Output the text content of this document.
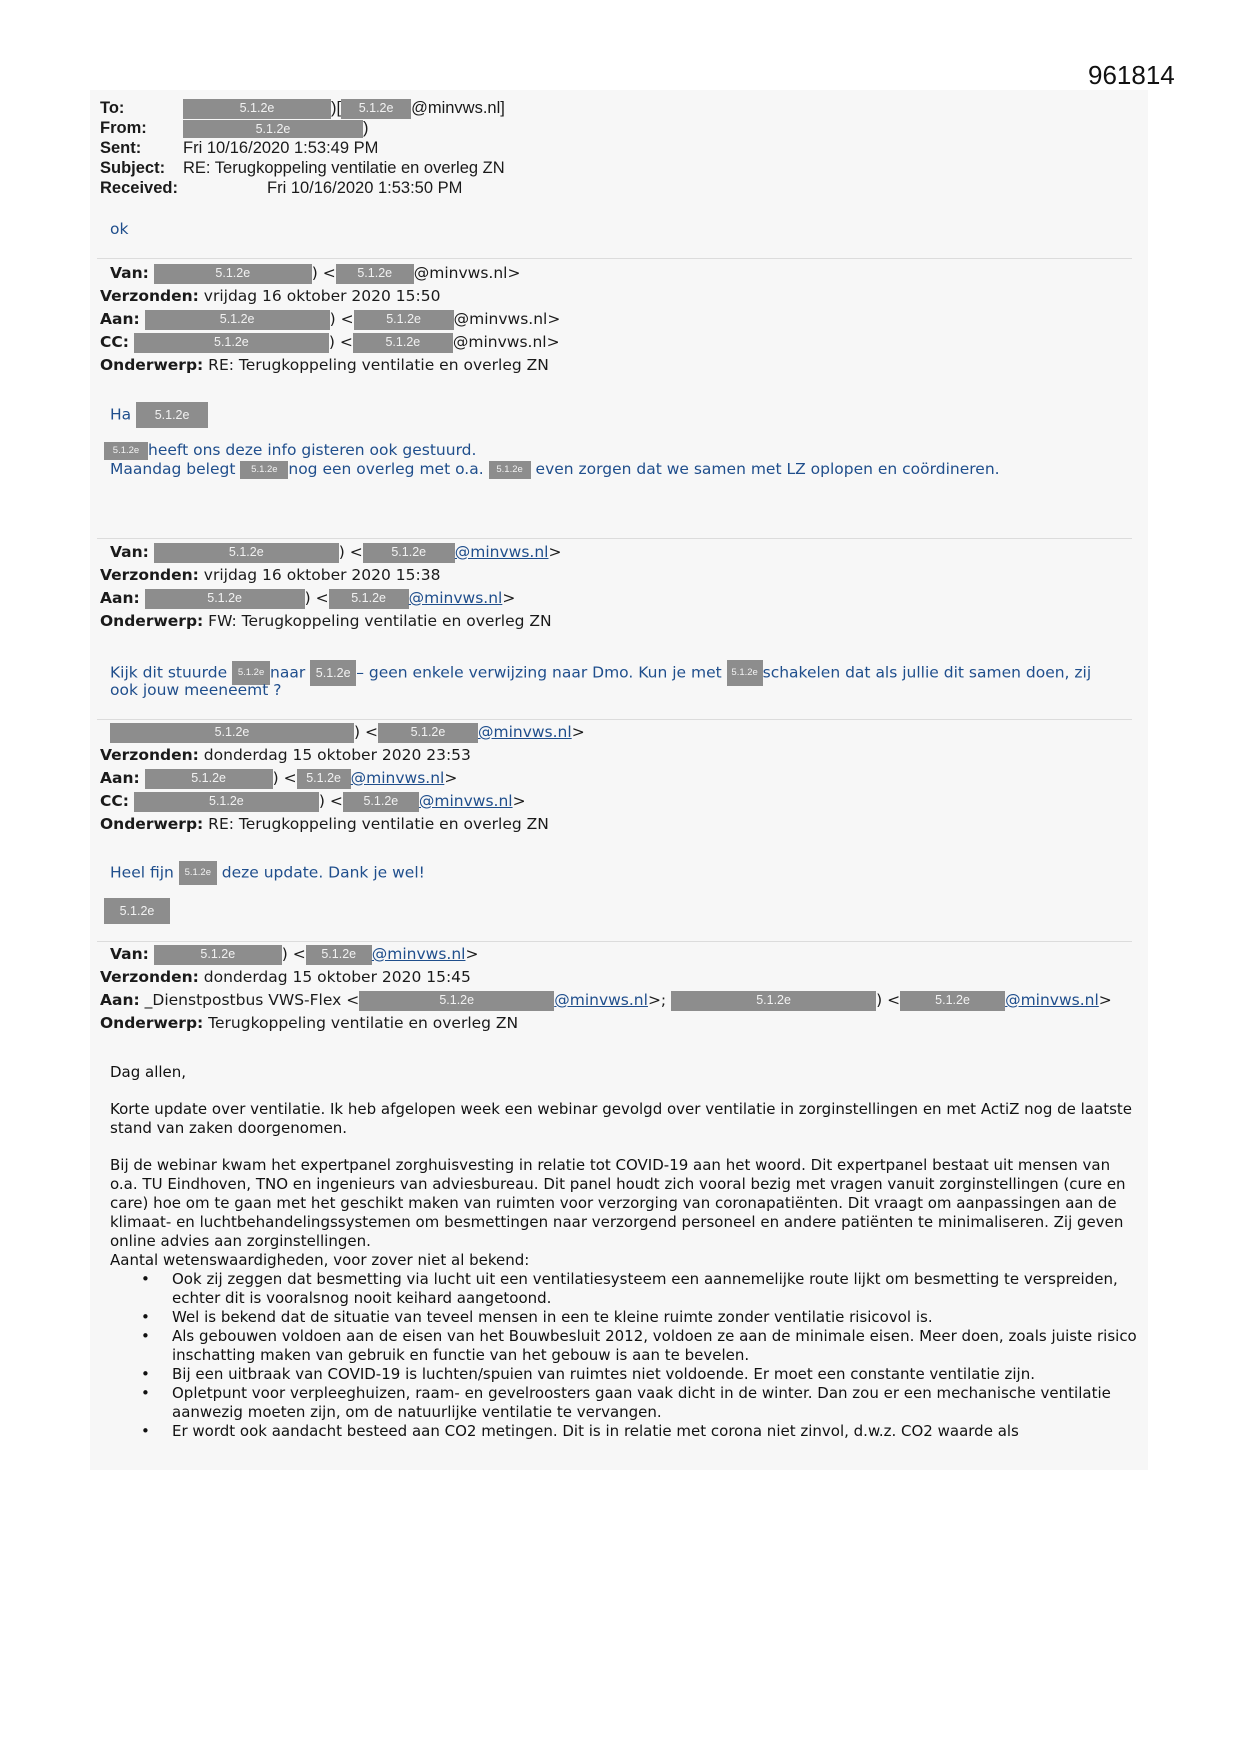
961814
To:	5.1.2e	)[ 5.1.2e @minvws.nl]
From:	5.1.2e	)
Sent:	Fri 10/16/2020 1:53:49 PM
Subject: RE: Terugkoppeling ventilatie en overleg ZN
Received:	Fri 10/16/2020 1:53:50 PM
ok
Van:	5.1.2e	) < 5.1.2e @minvws.nl>
Verzonden: vrijdag 16 oktober 2020 15:50
Aan:	5.1.2e	) <	5.1.2e @minvws.nl>
CC:	5.1.2e	) <	5.1.2e @minvws.nl>
Onderwerp: RE: Terugkoppeling ventilatie en overleg ZN
Ha 5.1.2e
5.1.2e heeft ons deze info gisteren ook gestuurd.
Maandag belegt 5.1.2e nog een overleg met o.a. 5.1.2e even zorgen dat we samen met LZ oplopen en coördineren.
Van:	5.1.2e	) < 5.1.2e @minvws.nl>
Verzonden: vrijdag 16 oktober 2020 15:38
Aan:	5.1.2e	) < 5.1.2e @minvws.nl>
Onderwerp: FW: Terugkoppeling ventilatie en overleg ZN
Kijk dit stuurde 5.1.2e naar 5.1.2e – geen enkele verwijzing naar Dmo. Kun je met 5.1.2e schakelen dat als jullie dit samen doen, zij
ook jouw meeneemt ?
5.1.2e	) <	5.1.2e @minvws.nl>
Verzonden: donderdag 15 oktober 2020 23:53
Aan:	5.1.2e	) < 5.1.2e @minvws.nl>
CC:	5.1.2e	) < 5.1.2e @minvws.nl>
Onderwerp: RE: Terugkoppeling ventilatie en overleg ZN
Heel fijn 5.1.2e deze update. Dank je wel!
5.1.2e
Van:	5.1.2e	) < 5.1.2e @minvws.nl>
Verzonden: donderdag 15 oktober 2020 15:45
Aan: _Dienstpostbus VWS-Flex <	5.1.2e	@minvws.nl>;	5.1.2e	) <	5.1.2e @minvws.nl>
Onderwerp: Terugkoppeling ventilatie en overleg ZN

Dag allen,

Korte update over ventilatie. Ik heb afgelopen week een webinar gevolgd over ventilatie in zorginstellingen en met ActiZ nog de laatste stand van zaken doorgenomen.

Bij de webinar kwam het expertpanel zorghuisvesting in relatie tot COVID-19 aan het woord. Dit expertpanel bestaat uit mensen van o.a. TU Eindhoven, TNO en ingenieurs van adviesbureau. Dit panel houdt zich vooral bezig met vragen vanuit zorginstellingen (cure en care) hoe om te gaan met het geschikt maken van ruimten voor verzorging van coronapatiënten. Dit vraagt om aanpassingen aan de klimaat- en luchtbehandelingssystemen om besmettingen naar verzorgend personeel en andere patiënten te minimaliseren. Zij geven online advies aan zorginstellingen.

Aantal wetenswaardigheden, voor zover niet al bekend:
• Ook zij zeggen dat besmetting via lucht uit een ventilatiesysteem een aannemelijke route lijkt om besmetting te verspreiden, echter dit is vooralsnog nooit keihard aangetoond.
• Wel is bekend dat de situatie van teveel mensen in een te kleine ruimte zonder ventilatie risicovol is.
• Als gebouwen voldoen aan de eisen van het Bouwbesluit 2012, voldoen ze aan de minimale eisen. Meer doen, zoals juiste risico inschatting maken van gebruik en functie van het gebouw is aan te bevelen.
• Bij een uitbraak van COVID-19 is luchten/spuien van ruimtes niet voldoende. Er moet een constante ventilatie zijn.
• Opletpunt voor verpleeghuizen, raam- en gevelroosters gaan vaak dicht in de winter. Dan zou er een mechanische ventilatie aanwezig moeten zijn, om de natuurlijke ventilatie te vervangen.
• Er wordt ook aandacht besteed aan CO2 metingen. Dit is in relatie met corona niet zinvol, d.w.z. CO2 waarde als
